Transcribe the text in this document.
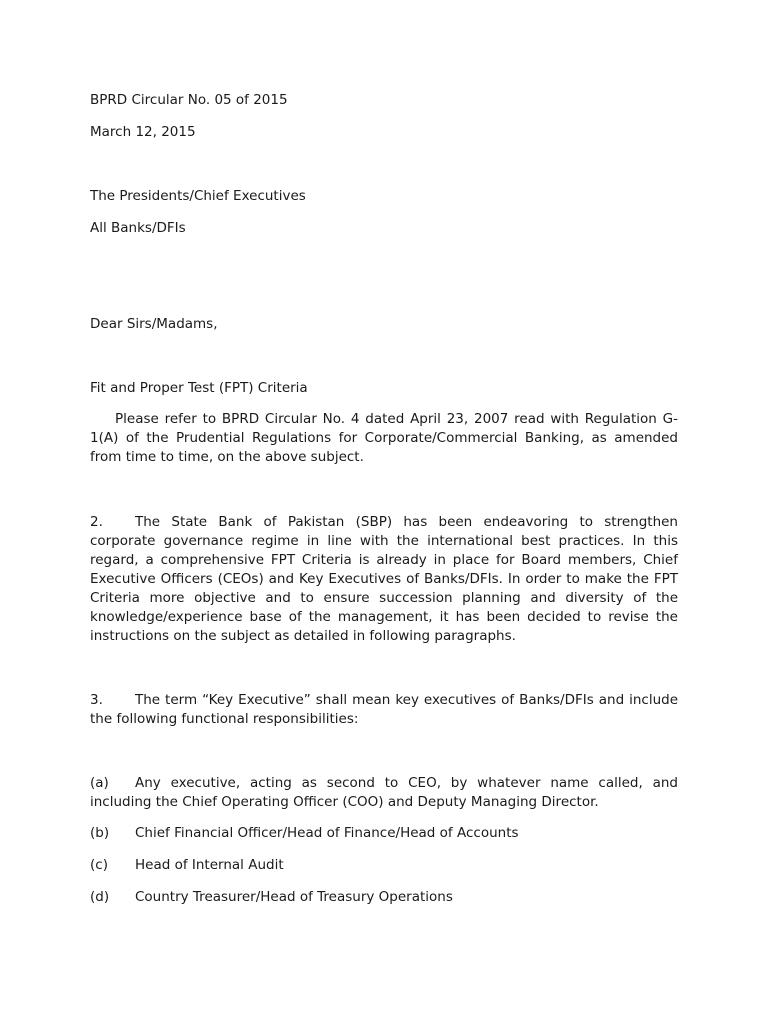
BPRD Circular No. 05 of 2015
March 12, 2015
The Presidents/Chief Executives
All Banks/DFIs
Dear Sirs/Madams,
Fit and Proper Test (FPT) Criteria
Please refer to BPRD Circular No. 4 dated April 23, 2007 read with Regulation G-1(A) of the Prudential Regulations for Corporate/Commercial Banking, as amended from time to time, on the above subject.
2. The State Bank of Pakistan (SBP) has been endeavoring to strengthen corporate governance regime in line with the international best practices. In this regard, a comprehensive FPT Criteria is already in place for Board members, Chief Executive Officers (CEOs) and Key Executives of Banks/DFIs. In order to make the FPT Criteria more objective and to ensure succession planning and diversity of the knowledge/experience base of the management, it has been decided to revise the instructions on the subject as detailed in following paragraphs.
3. The term “Key Executive” shall mean key executives of Banks/DFIs and include the following functional responsibilities:
(a) Any executive, acting as second to CEO, by whatever name called, and including the Chief Operating Officer (COO) and Deputy Managing Director.
(b) Chief Financial Officer/Head of Finance/Head of Accounts
(c) Head of Internal Audit
(d) Country Treasurer/Head of Treasury Operations
